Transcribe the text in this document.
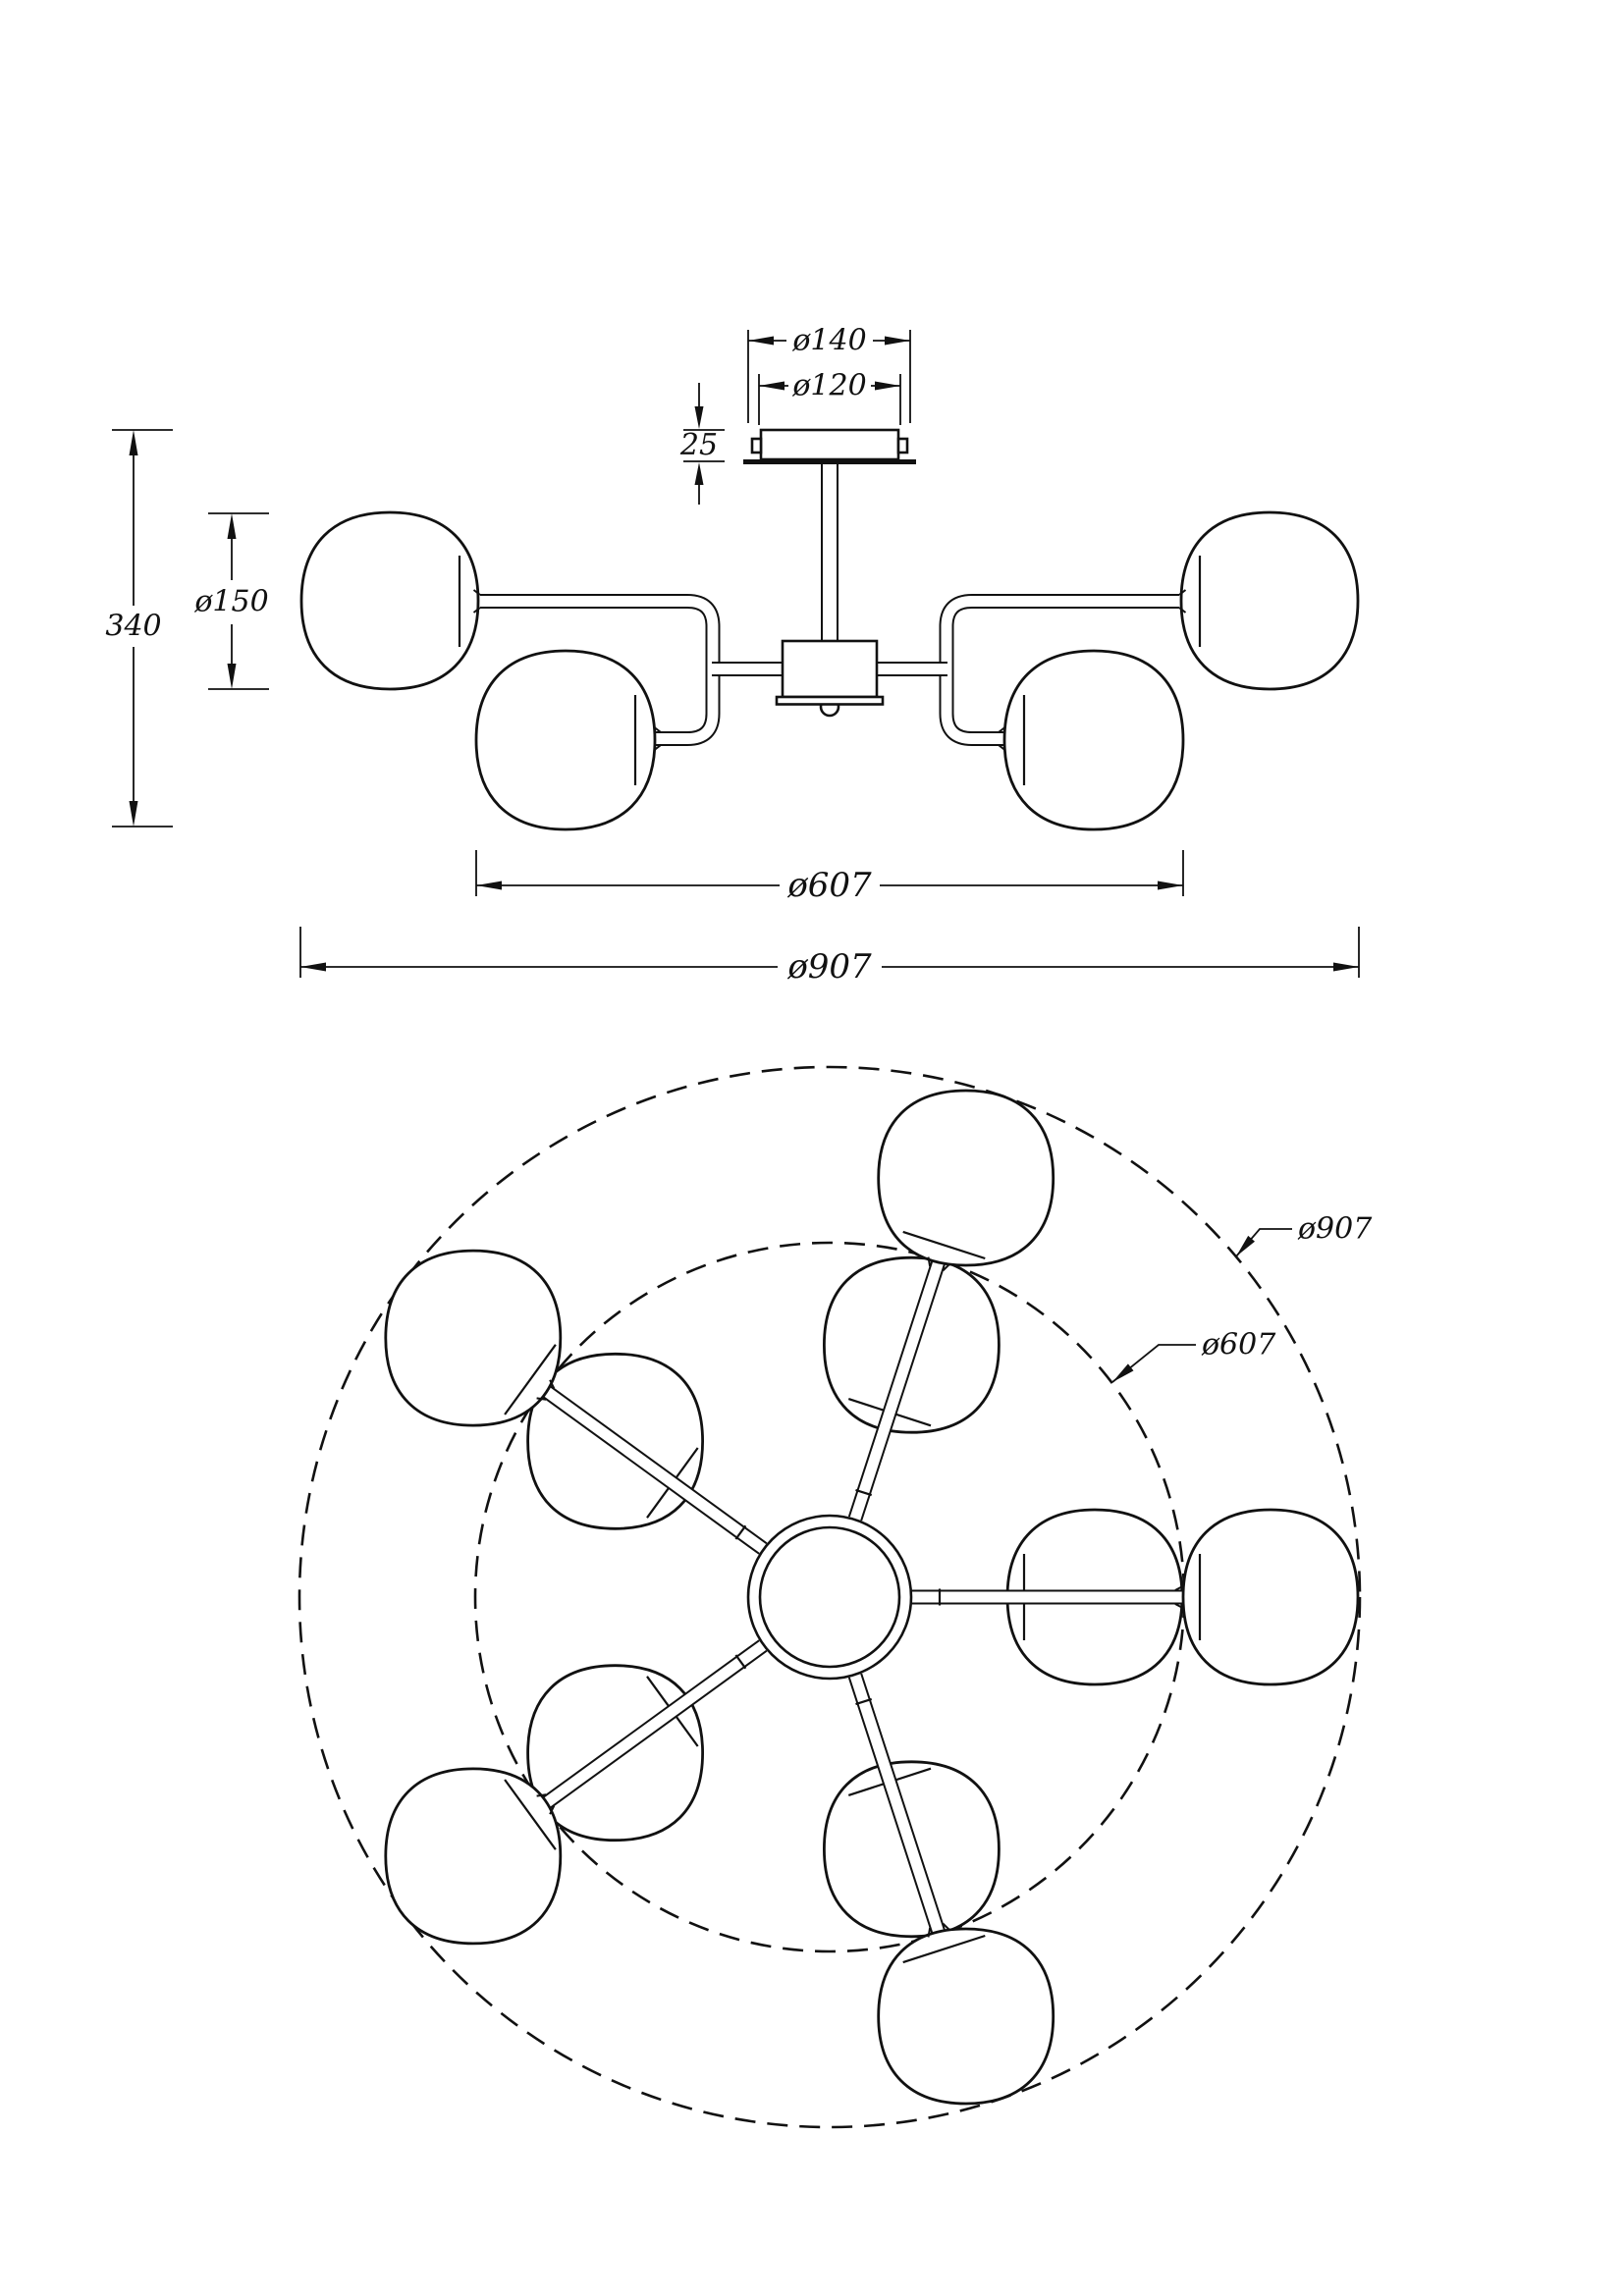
ø140
ø120
25
ø150
340
ø607
ø907
ø907
ø607
